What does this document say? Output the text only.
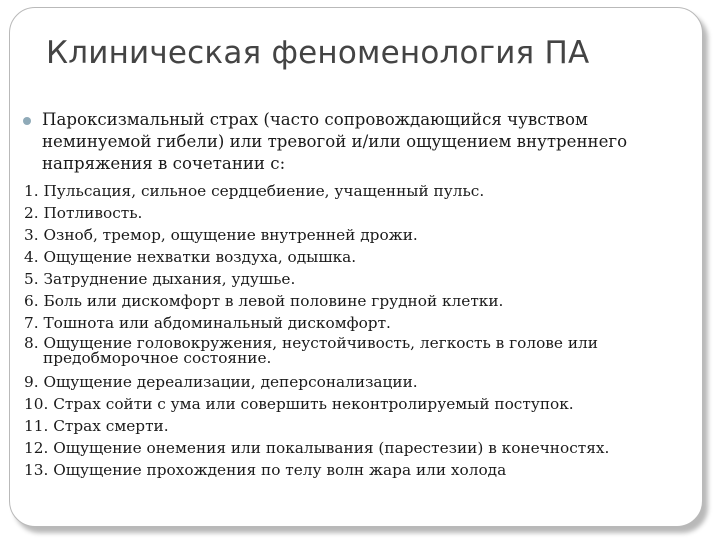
Клиническая феноменология ПА
Пароксизмальный страх (часто сопровождающийся чувством
неминуемой гибели) или тревогой и/или ощущением внутреннего
напряжения в сочетании с:
1. Пульсация, сильное сердцебиение, учащенный пульс.
2. Потливость.
3. Озноб, тремор, ощущение внутренней дрожи.
4. Ощущение нехватки воздуха, одышка.
5. Затруднение дыхания, удушье.
6. Боль или дискомфорт в левой половине грудной клетки.
7. Тошнота или абдоминальный дискомфорт.
8. Ощущение головокружения, неустойчивость, легкость в голове или
предобморочное состояние.
9. Ощущение дереализации, деперсонализации.
10. Страх сойти с ума или совершить неконтролируемый поступок.
11. Страх смерти.
12. Ощущение онемения или покалывания (парестезии) в конечностях.
13. Ощущение прохождения по телу волн жара или холода
